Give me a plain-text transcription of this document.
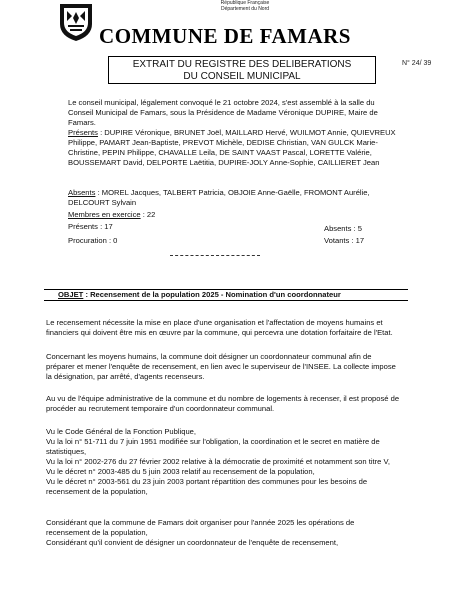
République Française
Département du Nord
COMMUNE DE FAMARS
EXTRAIT DU REGISTRE DES DELIBERATIONS
DU CONSEIL MUNICIPAL
N° 24/ 39
Le conseil municipal, légalement convoqué le 21 octobre 2024, s'est assemblé à la salle du Conseil Municipal de Famars, sous la Présidence de Madame Véronique DUPIRE, Maire de Famars.
Présents : DUPIRE Véronique, BRUNET Joël, MAILLARD Hervé, WUILMOT Annie, QUIEVREUX Philippe, PAMART Jean-Baptiste, PREVOT Michèle, DEDISE Christian, VAN GULCK Marie-Christine, PEPIN Philippe, CHAVALLE Leila, DE SAINT VAAST Pascal, LORETTE Valérie, BOUSSEMART David, DELPORTE Laëtitia, DUPIRE-JOLY Anne-Sophie, CAILLIERET Jean
Absents : MOREL Jacques, TALBERT Patricia, OBJOIE Anne-Gaëlle, FROMONT Aurélie, DELCOURT Sylvain
Membres en exercice : 22
Présents : 17	Absents : 5
Procuration : 0	Votants : 17
OBJET : Recensement de la population 2025 - Nomination d'un coordonnateur
Le recensement nécessite la mise en place d'une organisation et l'affectation de moyens humains et financiers qui doivent être mis en œuvre par la commune, qui percevra une dotation forfaitaire de l'Etat.
Concernant les moyens humains, la commune doit désigner un coordonnateur communal afin de préparer et mener l'enquête de recensement, en lien avec le superviseur de l'INSEE. La collecte impose la désignation, par arrêté, d'agents recenseurs.
Au vu de l'équipe administrative de la commune et du nombre de logements à recenser, il est proposé de procéder au recrutement temporaire d'un coordonnateur communal.
Vu le Code Général de la Fonction Publique,
Vu la loi n° 51-711 du 7 juin 1951 modifiée sur l'obligation, la coordination et le secret en matière de statistiques,
Vu la loi n° 2002-276 du 27 février 2002 relative à la démocratie de proximité et notamment son titre V,
Vu le décret n° 2003-485 du 5 juin 2003 relatif au recensement de la population,
Vu le décret n° 2003-561 du 23 juin 2003 portant répartition des communes pour les besoins de recensement de la population,
Considérant que la commune de Famars doit organiser pour l'année 2025 les opérations de recensement de la population,
Considérant qu'il convient de désigner un coordonnateur de l'enquête de recensement,
